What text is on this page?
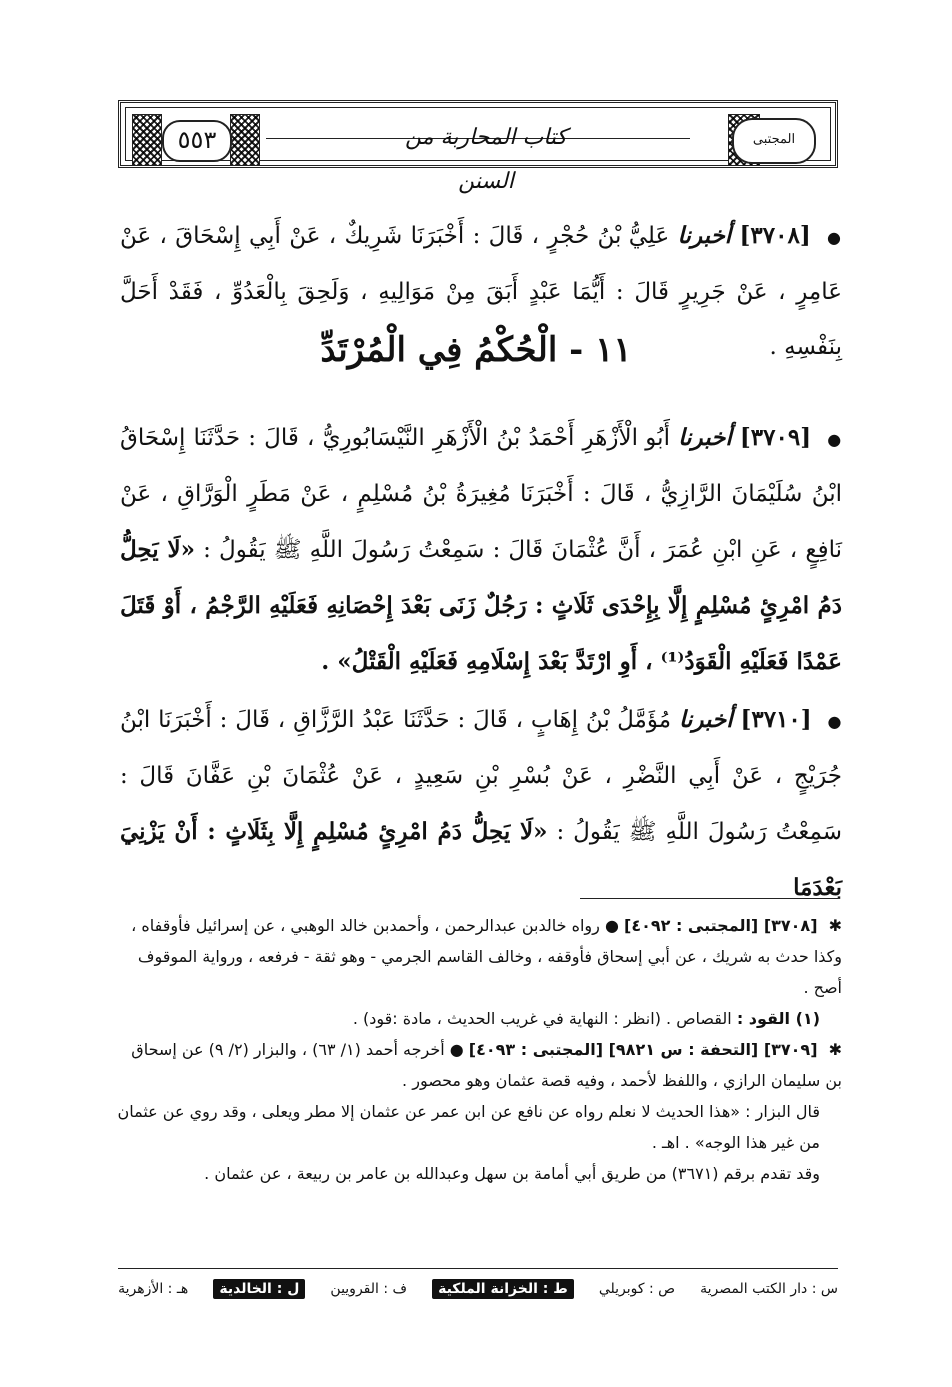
المجتبى
كتاب المحاربة من السنن
٥٥٣
● [٣٧٠٨] أخبرنا عَلِيُّ بْنُ حُجْرٍ ، قَالَ : أَخْبَرَنَا شَرِيكٌ ، عَنْ أَبِي إِسْحَاقَ ، عَنْ عَامِرٍ ، عَنْ جَرِيرٍ قَالَ : أَيُّمَا عَبْدٍ أَبَقَ مِنْ مَوَالِيهِ ، وَلَحِقَ بِالْعَدُوِّ ، فَقَدْ أَحَلَّ بِنَفْسِهِ .
١١ - الْحُكْمُ فِي الْمُرْتَدِّ
● [٣٧٠٩] أخبرنا أَبُو الْأَزْهَرِ أَحْمَدُ بْنُ الْأَزْهَرِ النَّيْسَابُورِيُّ ، قَالَ : حَدَّثَنَا إِسْحَاقُ ابْنُ سُلَيْمَانَ الرَّازِيُّ ، قَالَ : أَخْبَرَنَا مُغِيرَةُ بْنُ مُسْلِمٍ ، عَنْ مَطَرٍ الْوَرَّاقِ ، عَنْ نَافِعٍ ، عَنِ ابْنِ عُمَرَ ، أَنَّ عُثْمَانَ قَالَ : سَمِعْتُ رَسُولَ اللَّهِ ﷺ يَقُولُ : «لَا يَحِلُّ دَمُ امْرِئٍ مُسْلِمٍ إِلَّا بِإِحْدَى ثَلَاثٍ : رَجُلٌ زَنَى بَعْدَ إِحْصَانِهِ فَعَلَيْهِ الرَّجْمُ ، أَوْ قَتَلَ عَمْدًا فَعَلَيْهِ الْقَوَدُ⁽¹⁾ ، أَوِ ارْتَدَّ بَعْدَ إِسْلَامِهِ فَعَلَيْهِ الْقَتْلُ» .
● [٣٧١٠] أخبرنا مُؤَمَّلُ بْنُ إِهَابٍ ، قَالَ : حَدَّثَنَا عَبْدُ الرَّزَّاقِ ، قَالَ : أَخْبَرَنَا ابْنُ جُرَيْجٍ ، عَنْ أَبِي النَّضْرِ ، عَنْ بُسْرِ بْنِ سَعِيدٍ ، عَنْ عُثْمَانَ بْنِ عَفَّانَ قَالَ : سَمِعْتُ رَسُولَ اللَّهِ ﷺ يَقُولُ : «لَا يَحِلُّ دَمُ امْرِئٍ مُسْلِمٍ إِلَّا بِثَلَاثٍ : أَنْ يَزْنِيَ بَعْدَمَا

✱ [٣٧٠٨] [المجتبى : ٤٠٩٢] ● رواه خالدبن عبدالرحمن ، وأحمدبن خالد الوهبي ، عن إسرائيل فأوقفاه ، وكذا حدث به شريك ، عن أبي إسحاق فأوقفه ، وخالف القاسم الجرمي - وهو ثقة - فرفعه ، ورواية الموقوف أصح .

(١) القود : القصاص . (انظر : النهاية في غريب الحديث ، مادة :قود) .

✱ [٣٧٠٩] [التحفة : س ٩٨٢١] [المجتبى : ٤٠٩٣] ● أخرجه أحمد (١/ ٦٣) ، والبزار (٢/ ٩) عن إسحاق بن سليمان الرازي ، واللفظ لأحمد ، وفيه قصة عثمان وهو محصور .

قال البزار : «هذا الحديث لا نعلم رواه عن نافع عن ابن عمر عن عثمان إلا مطر ويعلى ، وقد روي عن عثمان من غير هذا الوجه» . اهـ .

وقد تقدم برقم (٣٦٧١) من طريق أبي أمامة بن سهل وعبدالله بن عامر بن ربيعة ، عن عثمان .

س : دار الكتب المصرية
ص : كوبريلي
ط : الخزانة الملكية
ف : القرويين
ل : الخالدية
هـ : الأزهرية
